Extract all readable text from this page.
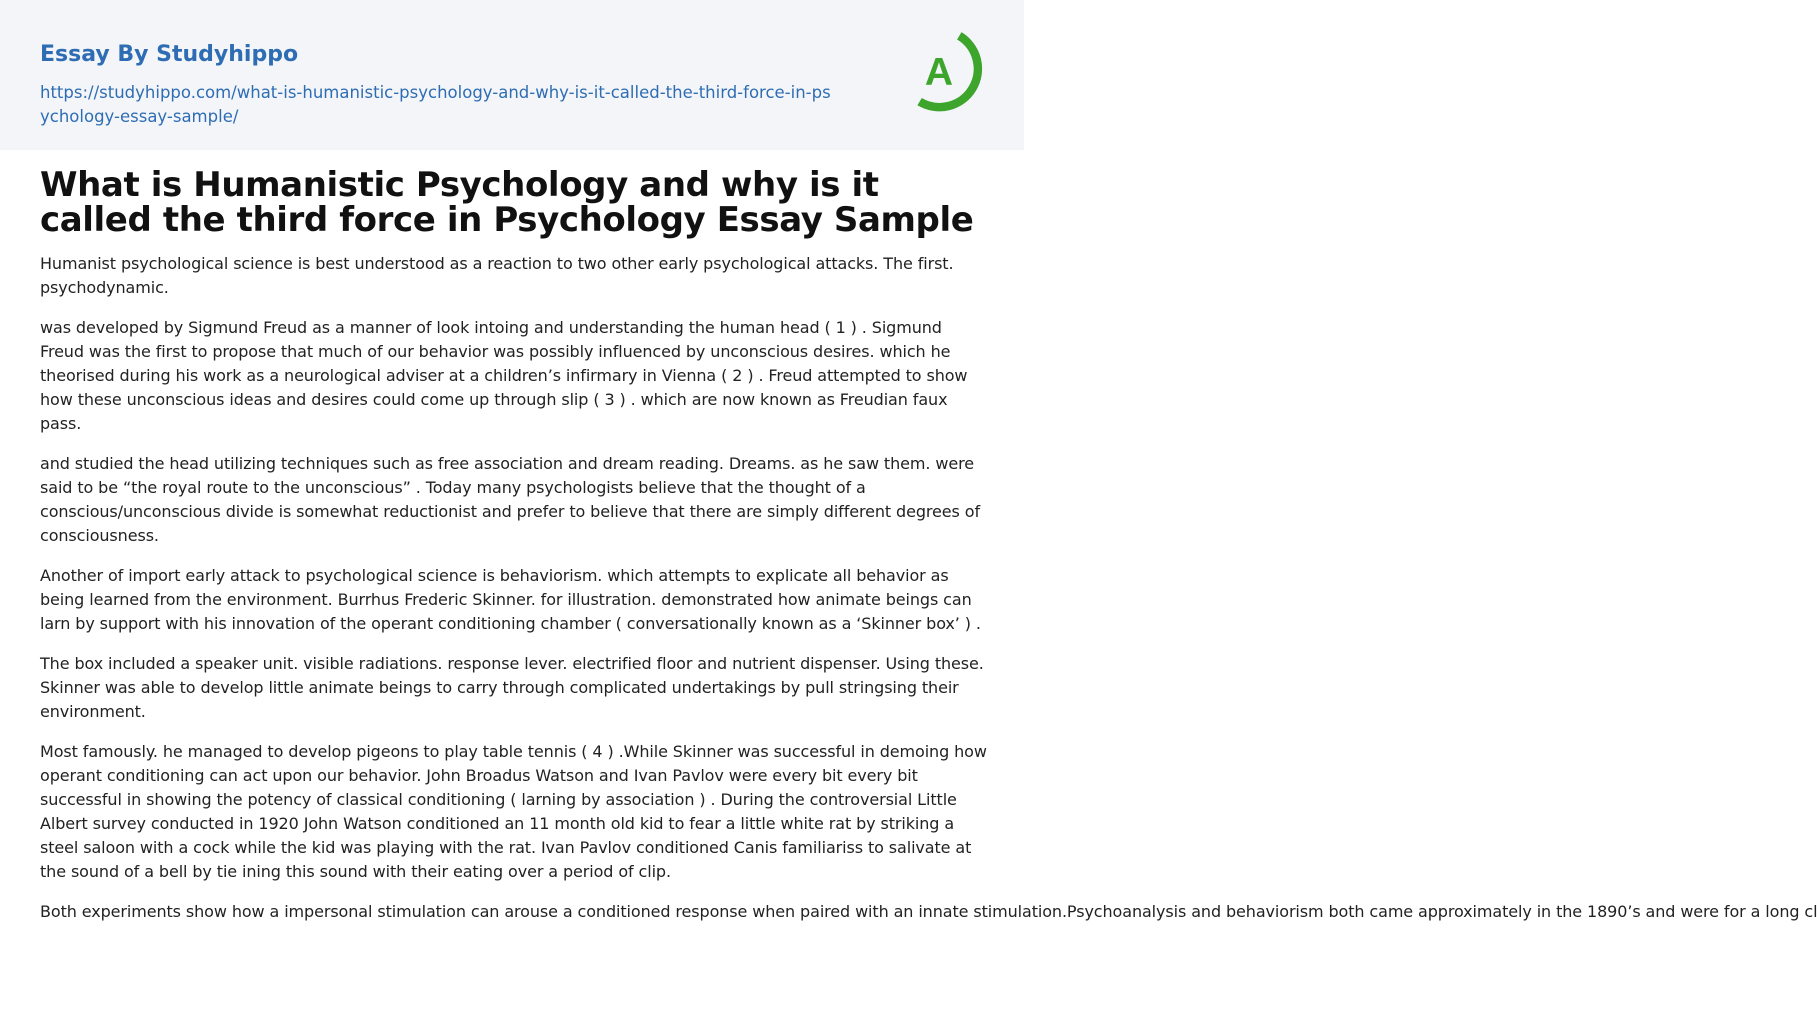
Essay By Studyhippo
https://studyhippo.com/what-is-humanistic-psychology-and-why-is-it-called-the-third-force-in-psychology-essay-sample/
A
What is Humanistic Psychology and why is it called the third force in Psychology Essay Sample

Humanist psychological science is best understood as a reaction to two other early psychological attacks. The first. psychodynamic.

was developed by Sigmund Freud as a manner of look intoing and understanding the human head ( 1 ) . Sigmund Freud was the first to propose that much of our behavior was possibly influenced by unconscious desires. which he theorised during his work as a neurological adviser at a children’s infirmary in Vienna ( 2 ) . Freud attempted to show how these unconscious ideas and desires could come up through slip ( 3 ) . which are now known as Freudian faux pass.

and studied the head utilizing techniques such as free association and dream reading. Dreams. as he saw them. were said to be “the royal route to the unconscious” . Today many psychologists believe that the thought of a conscious/unconscious divide is somewhat reductionist and prefer to believe that there are simply different degrees of consciousness.

Another of import early attack to psychological science is behaviorism. which attempts to explicate all behavior as being learned from the environment. Burrhus Frederic Skinner. for illustration. demonstrated how animate beings can larn by support with his innovation of the operant conditioning chamber ( conversationally known as a ‘Skinner box’ ) .

The box included a speaker unit. visible radiations. response lever. electrified floor and nutrient dispenser. Using these. Skinner was able to develop little animate beings to carry through complicated undertakings by pull stringsing their environment.

Most famously. he managed to develop pigeons to play table tennis ( 4 ) .While Skinner was successful in demoing how operant conditioning can act upon our behavior. John Broadus Watson and Ivan Pavlov were every bit every bit successful in showing the potency of classical conditioning ( larning by association ) . During the controversial Little Albert survey conducted in 1920 John Watson conditioned an 11 month old kid to fear a little white rat by striking a steel saloon with a cock while the kid was playing with the rat. Ivan Pavlov conditioned Canis familiariss to salivate at the sound of a bell by tie ining this sound with their eating over a period of clip.

Both experiments show how a impersonal stimulation can arouse a conditioned response when paired with an innate stimulation.Psychoanalysis and behaviorism both came approximately in the 1890’s and were for a long cl
